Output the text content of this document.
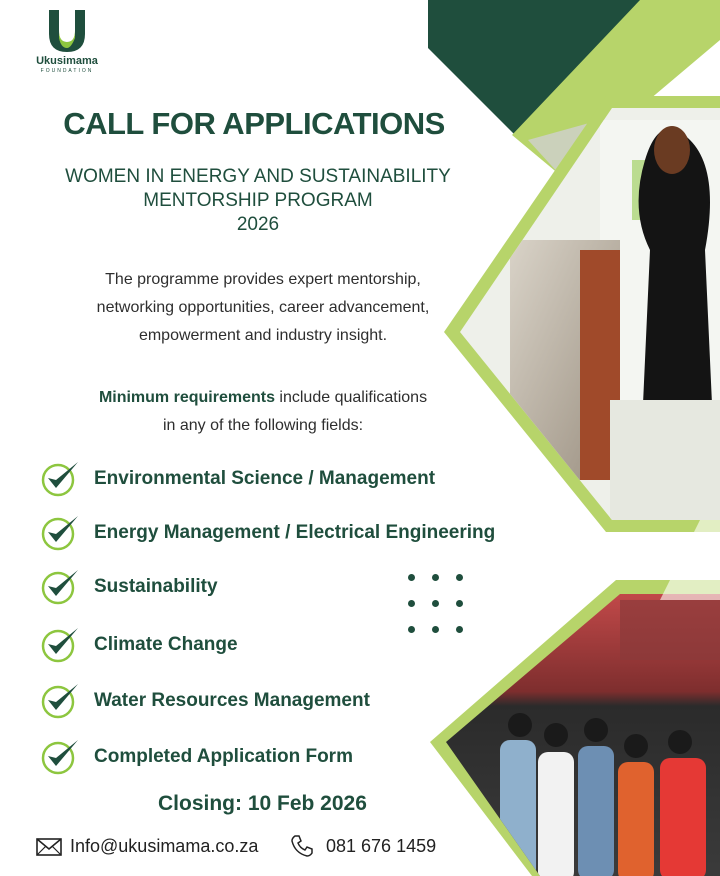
Ukusimama
FOUNDATION
CALL FOR APPLICATIONS
WOMEN IN ENERGY AND SUSTAINABILITY
MENTORSHIP PROGRAM
2026
The programme provides expert mentorship,
networking opportunities, career advancement,
empowerment and industry insight.
Minimum requirements include qualifications
in any of the following fields:
Environmental Science / Management
Energy Management / Electrical Engineering
Sustainability
Climate Change
Water Resources Management
Completed Application Form
Closing: 10 Feb 2026
Info@ukusimama.co.za	081 676 1459
